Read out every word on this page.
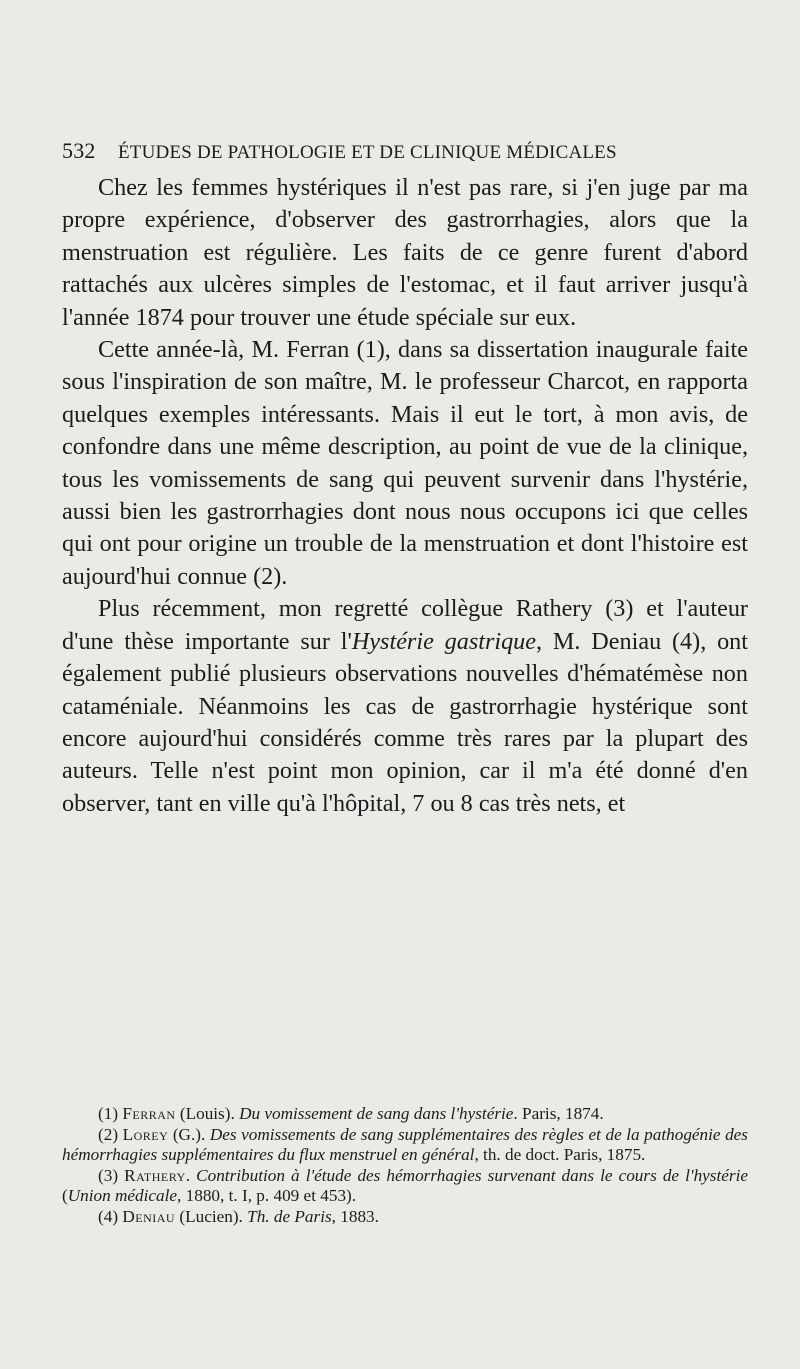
532 ÉTUDES DE PATHOLOGIE ET DE CLINIQUE MÉDICALES

Chez les femmes hystériques il n'est pas rare, si j'en juge par ma propre expérience, d'observer des gastrorrhagies, alors que la menstruation est régulière. Les faits de ce genre furent d'abord rattachés aux ulcères simples de l'estomac, et il faut arriver jusqu'à l'année 1874 pour trouver une étude spéciale sur eux.

Cette année-là, M. Ferran (1), dans sa dissertation inaugurale faite sous l'inspiration de son maître, M. le professeur Charcot, en rapporta quelques exemples intéressants. Mais il eut le tort, à mon avis, de confondre dans une même description, au point de vue de la clinique, tous les vomissements de sang qui peuvent survenir dans l'hystérie, aussi bien les gastrorrhagies dont nous nous occupons ici que celles qui ont pour origine un trouble de la menstruation et dont l'histoire est aujourd'hui connue (2).

Plus récemment, mon regretté collègue Rathery (3) et l'auteur d'une thèse importante sur l'Hystérie gastrique, M. Deniau (4), ont également publié plusieurs observations nouvelles d'hématémèse non cataméniale. Néanmoins les cas de gastrorrhagie hystérique sont encore aujourd'hui considérés comme très rares par la plupart des auteurs. Telle n'est point mon opinion, car il m'a été donné d'en observer, tant en ville qu'à l'hôpital, 7 ou 8 cas très nets, et

(1) Ferran (Louis). Du vomissement de sang dans l'hystérie. Paris, 1874.

(2) Lorey (G.). Des vomissements de sang supplémentaires des règles et de la pathogénie des hémorrhagies supplémentaires du flux menstruel en général, th. de doct. Paris, 1875.

(3) Rathery. Contribution à l'étude des hémorrhagies survenant dans le cours de l'hystérie (Union médicale, 1880, t. I, p. 409 et 453).

(4) Deniau (Lucien). Th. de Paris, 1883.
